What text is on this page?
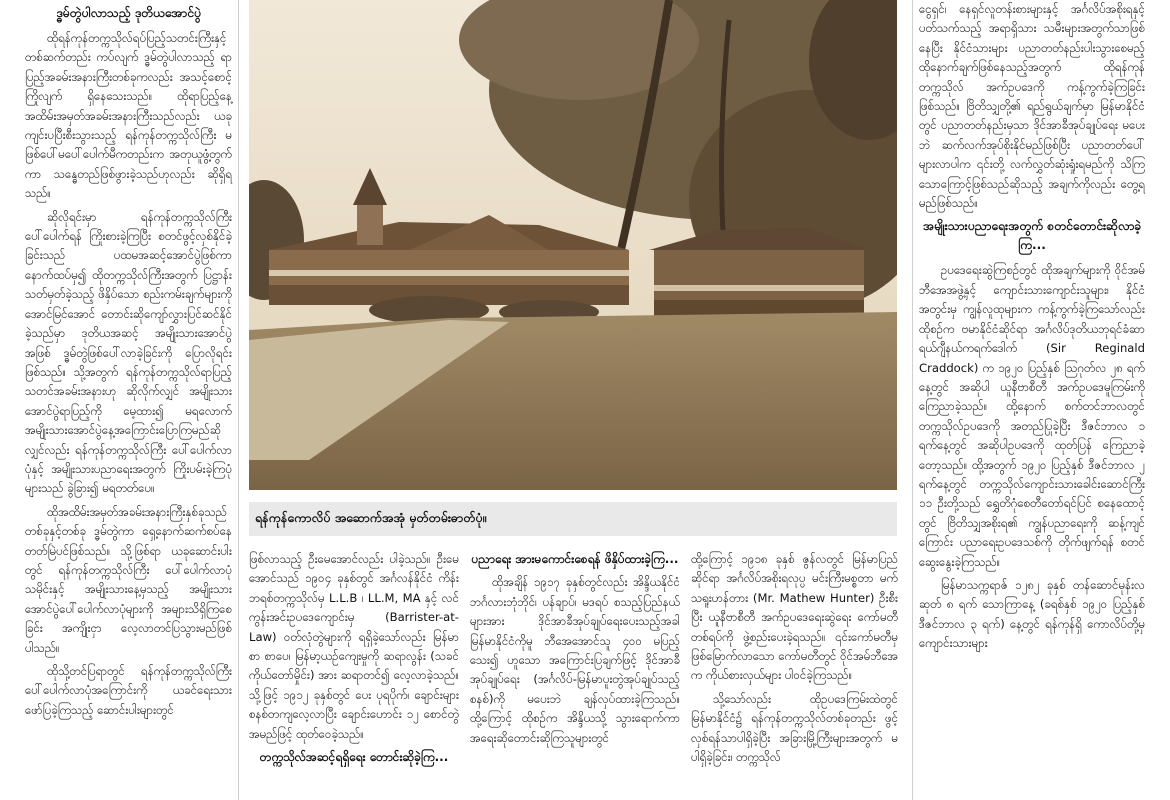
ဒ္ဓမ်တွဲပါလာသည့် ဒုတိယအောင်ပွဲ

ထိုရန်ကုန်တက္ကသိုလ်ရပ်ပြည့်သတင်းကြီးနှင့် တစ်ဆက်တည်း ကပ်လျက် ဒ္ဓမ်တွဲပါလာသည့် ရာပြည့်အခမ်းအနားကြီးတစ်ခုကလည်း အသင့်စောင့်ကြိုလျက် ရှိနေသေးသည်။ ထိုရာပြည့်နေ့အထိမ်းအမှတ်အခမ်းအနားကြီးသည်လည်း ယခုကျင်းပပြီးစီးသွားသည့် ရန်ကုန်တက္ကသိုလ်ကြီး မဖြစ်ပေါ်မပေါ်ပေါက်မီကတည်းက အတုယူဖွံ့တွက်ကာ သန္ဓေတည်ဖြစ်ဖွားခဲ့သည်ဟုလည်း ဆိုရှိရသည်။

ဆိုလိုရင်းမှာ ရန်ကုန်တက္ကသိုလ်ကြီး ပေါ်ပေါက်ရန် ကြိုးစားခဲ့ကြပြီး စတင်ဖွင့်လှစ်နိုင်ခဲ့ခြင်းသည် ပထမအဆင့်အောင်ပွဲဖြစ်ကာ နောက်ထပ်မှ၍ ထိုတက္ကသိုလ်ကြီးအတွက် ပြဋ္ဌာန်းသတ်မှတ်ခဲ့သည့် ဖိနှိပ်သော စည်းကမ်းချက်များကို အောင်မြင်အောင် တောင်းဆိုကျော်လွှားပြင်ဆင်နိုင်ခဲ့သည်မှာ ဒုတိယအဆင့် အမျိုးသားအောင်ပွဲအဖြစ် ဒ္ဓမ်တွဲဖြစ်ပေါ်လာခဲ့ခြင်းကို ပြောလိုရင်းဖြစ်သည်။ သို့အတွက် ရန်ကုန်တက္ကသိုလ်ရာပြည့်သတင်အခမ်းအနားဟု ဆိုလိုက်လျှင် အမျိုးသားအောင်ပွဲရာပြည့်ကို မေ့ထား၍ မရလောက် အမျိုးသားအောင်ပွဲနေ့အကြောင်းပြောကြမည်ဆိုလျှင်လည်း ရန်ကုန်တက္ကသိုလ်ကြီး ပေါ်ပေါက်လာပုံနှင့် အမျိုးသားပညာရေးအတွက် ကြိုးပမ်းခဲ့ကြပုံများသည် ခွဲခြား၍ မရတတ်ပေ။

ထိုအထိမ်းအမှတ်အခမ်းအနားကြီးနှစ်ခုသည် တစ်ခုနှင့်တစ်ခု ဒ္ဓမ်တွဲကာ ရှေ့နောက်ဆက်စပ်နေတတ်မြဲပင်ဖြစ်သည်။ သို့ဖြစ်ရာ ယခုဆောင်းပါးတွင် ရန်ကုန်တက္ကသိုလ်ကြီး ပေါ်ပေါက်လာပုံသမိုင်းနှင့် အမျိုးသားနေ့မှသည့် အမျိုးသားအောင်ပွဲပေါ်ပေါက်လာပုံများကို အများသိရှိကြစေခြင်း အကျိုးငှာ လေ့လာတင်ပြသွားမည်ဖြစ်ပါသည်။

ထိုသို့တင်ပြရာတွင် ရန်ကုန်တက္ကသိုလ်ကြီး ပေါ်ပေါက်လာပုံအကြောင်းကို ယခင်ရေးသားဖော်ပြခဲ့ကြသည့် ဆောင်းပါးများတွင်

ရန်ကုန်ကောလိပ် အဆောက်အအုံ မှတ်တမ်းဓာတ်ပုံ။

ဖြစ်လာသည့် ဦးမေအောင်လည်း ပါခဲ့သည်။ ဦးမေအောင်သည် ၁၉၀၄ ခုနှစ်တွင် အင်္ဂလန်နိုင်ငံ ကိန်းဘရစ်တက္ကသိုလ်မှ L.L.B ၊ LL.M, MA နှင့် လင်ကွန်းအင်းဥပဒေကျောင်းမှ (Barrister-at-Law) ဝတ်လုံတွဲများကို ရရှိခဲ့သော်လည်း မြန်မာစာ စာပေ၊ မြန်မာ့ယဉ်ကျေးမှုကို ဆရာလွန်း (သခင်ကိုယ်တော်မှိုင်း) အား ဆရာတင်၍ လေ့လာခဲ့သည်။ သို့ဖြင့် ၁၉၁၂ ခုနှစ်တွင် ပေး ပုရပိုက်၊ ချောင်းများ စနစ်တကျလေ့လာပြီး ချောင်းဟောင်း ၁၂ စောင်တွဲအမည်ဖြင့် ထုတ်ဝေခဲ့သည်။

တက္ကသိုလ်အဆင့်ရရှိရေး တောင်းဆိုခဲ့ကြ...
ပညာရေး အားမကောင်းစေရန် ဖိနှိပ်ထားခဲ့ကြ...

ထိုအချိန် ၁၉၁၇ ခုနှစ်တွင်လည်း အိန္ဒိယနိုင်ငံ ဘင်္ဂလားဘုံဘိုင်၊ ပန်ချာပ်၊ မဒရပ် စသည့်ပြည်နယ်များအား ဒိုင်အာခီအုပ်ချုပ်ရေးပေးသည့်အခါ မြန်မာနိုင်ငံကိုမူ ဘီအေအောင်သူ ၄၀၀ မပြည့်သေး၍ ဟူသော အကြောင်းပြချက်ဖြင့် ဒိုင်အာခီအုပ်ချုပ်ရေး (အင်္ဂလိပ်-မြန်မာပူးတွဲအုပ်ချုပ်သည့်စနစ်)ကို မပေးဘဲ ချန်လှပ်ထားခဲ့ကြသည်။ ထို့ကြောင့် ထိုစဉ်က အိန္ဒိယသို့ သွားရောက်ကာ အရေးဆိုတောင်းဆိုကြသူများတွင်

ထို့ကြောင့် ၁၉၁၈ ခုနှစ် ဇွန်လတွင် မြန်မာပြည်ဆိုင်ရာ အင်္ဂလိပ်အစိုးရလုပ္ပ မင်းကြီးမစ္စတာ မက်သရူးဟန်တား (Mr. Mathew Hunter) ဦးစီးပြီး ယူနီဗာစီတီ အက်ဥပဒေရေးဆွဲရေး ကော်မတီတစ်ရပ်ကို ဖွဲ့စည်းပေးခဲ့ရသည်။ ၎င်းကော်မတီမှ ဖြစ်မြောက်လာသော ကော်မတီတွင် ဝိုင်အမ်ဘီအေက ကိုယ်စားလှယ်များ ပါဝင်ခဲ့ကြသည်။

သို့သော်လည်း ထိုဥပဒေကြမ်းထဲတွင် မြန်မာနိုင်ငံ၌ ရန်ကုန်တက္ကသိုလ်တစ်ခုတည်း ဖွင့်လှစ်ရန်သာပါရှိခဲ့ပြီး အခြားမြို့ကြီးများအတွက် မပါရှိခဲ့ခြင်း၊ တက္ကသိုလ်

ငွေရှင်၊ နေရှင်လူတန်းစားများနှင့် အင်္ဂလိပ်အစိုးရနှင့် ပတ်သက်သည့် အရာရှိသား သမီးများအတွက်သာဖြစ်နေပြီး နိုင်ငံသားများ ပညာတတ်နည်းပါးသွားစေမည့် ထိုနောက်ချက်ဖြစ်နေသည့်အတွက် ထိုရန်ကုန်တက္ကသိုလ် အက်ဥပဒေကို ကန့်ကွက်ခဲ့ကြခြင်းဖြစ်သည်။ ဗြိတိသျှတို့၏ ရည်ရွယ်ချက်မှာ မြန်မာနိုင်ငံတွင် ပညာတတ်နည်းမှသာ ဒိုင်အာခီအုပ်ချုပ်ရေး မပေးဘဲ ဆက်လက်အုပ်စိုးနိုင်မည်ဖြစ်ပြီး ပညာတတ်ပေါ်များလာပါက ၎င်းတို့ လက်လွှတ်ဆုံးရှုံးရမည်ကို သိကြသောကြောင့်ဖြစ်သည်ဆိုသည့် အချက်ကိုလည်း တွေ့ရမည်ဖြစ်သည်။

အမျိုးသားပညာရေးအတွက် စတင်တောင်းဆိုလာခဲ့ကြ...

ဥပဒေရေးဆွဲကြစဉ်တွင် ထိုအချက်များကို ဝိုင်အမ်ဘီအေအဖွဲ့နှင့် ကျောင်းသားကျောင်းသူများ၊ နိုင်ငံအတွင်းမှ ကျွန်လူထုများက ကန့်ကွက်ခဲ့ကြသော်လည်း ထိုစဉ်က ဗမာနိုင်ငံဆိုင်ရာ အင်္ဂလိပ်ဒုတိယဘုရင်ခံဆာရယ်ဂျီနယ်ကရက်ဒေါက် (Sir Reginald Craddock) က ၁၉၂၀ ပြည့်နှစ် ဩဂုတ်လ ၂၈ ရက်နေ့တွင် အဆိုပါ ယူနီဗာစီတီ အက်ဥပဒေမူကြမ်းကို ကြေညာခဲ့သည်။ ထို့နောက် စက်တင်ဘာလတွင် တက္ကသိုလ်ဥပဒေကို အတည်ပြုခဲ့ပြီး ဒီဇင်ဘာလ ၁ ရက်နေ့တွင် အဆိုပါဥပဒေကို ထုတ်ပြန် ကြေညာခဲ့တော့သည်။ ထို့အတွက် ၁၉၂၀ ပြည့်နှစ် ဒီဇင်ဘာလ ၂ ရက်နေ့တွင် တက္ကသိုလ်ကျောင်းသားခေါင်းဆောင်ကြီး ၁၁ ဦးတို့သည် ရွှေတိဂုံစေတီတော်ရင်ပြင် စနေထောင့်တွင် ဗြိတိသျှအစိုးရ၏ ကျွန်ပညာရေးကို ဆန့်ကျင်ကြောင်း ပညာရေးဥပဒေသစ်ကို တိုက်ဖျက်ရန် စတင်ဆွေးနွေးခဲ့ကြသည်။

မြန်မာသက္ကရာဇ် ၁၂၈၂ ခုနှစ် တန်ဆောင်မုန်းလဆုတ် ၈ ရက် သောကြာနေ့ (ခရစ်နှစ် ၁၉၂၀ ပြည့်နှစ် ဒီဇင်ဘာလ ၃ ရက်) နေ့တွင် ရန်ကုန်ရှိ ကောလိပ်တို့မှ ကျောင်းသားများ
